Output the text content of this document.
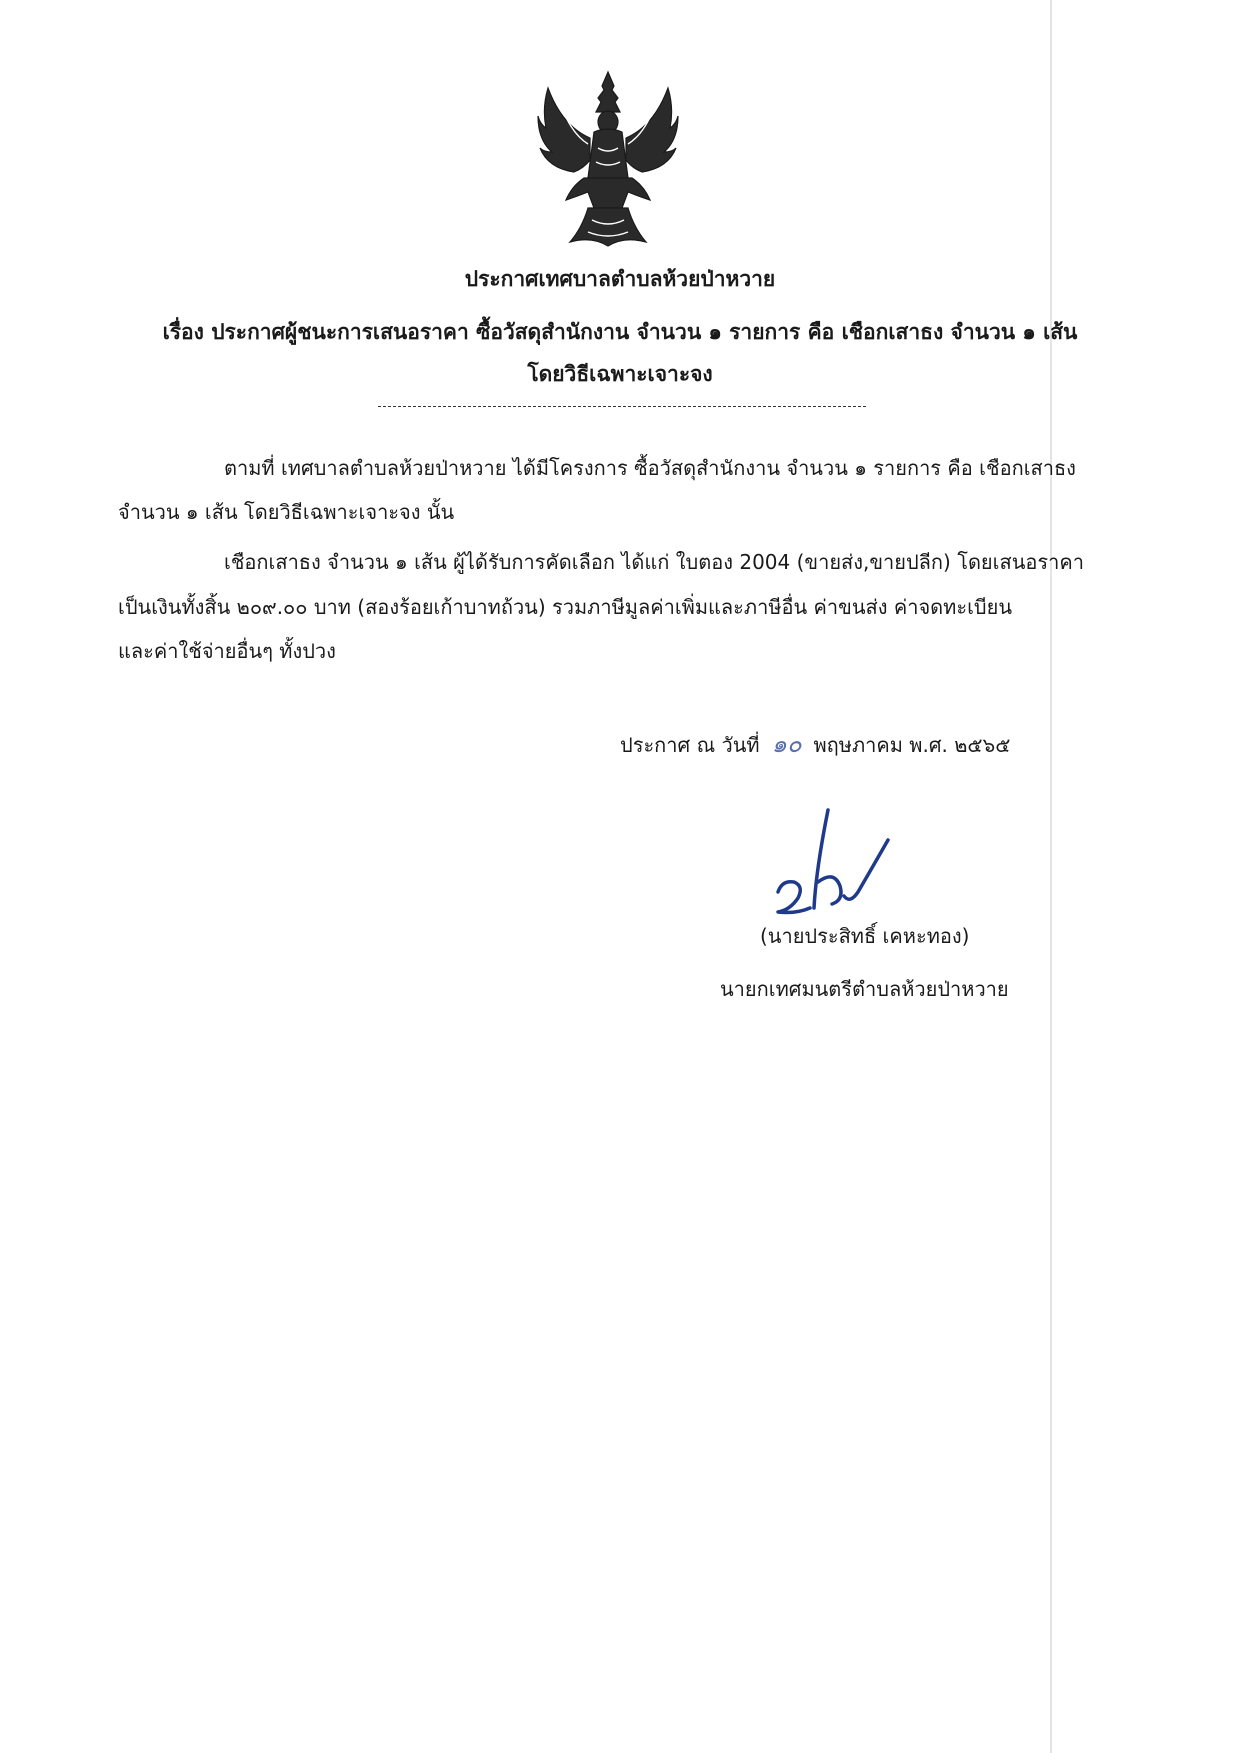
ประกาศเทศบาลตำบลห้วยป่าหวาย
เรื่อง ประกาศผู้ชนะการเสนอราคา ซื้อวัสดุสำนักงาน จำนวน ๑ รายการ คือ เชือกเสาธง จำนวน ๑ เส้น
โดยวิธีเฉพาะเจาะจง
ตามที่ เทศบาลตำบลห้วยป่าหวาย ได้มีโครงการ ซื้อวัสดุสำนักงาน จำนวน ๑ รายการ คือ เชือกเสาธง
จำนวน ๑ เส้น โดยวิธีเฉพาะเจาะจง นั้น
เชือกเสาธง จำนวน ๑ เส้น ผู้ได้รับการคัดเลือก ได้แก่ ใบตอง 2004 (ขายส่ง,ขายปลีก) โดยเสนอราคา
เป็นเงินทั้งสิ้น ๒๐๙.๐๐ บาท (สองร้อยเก้าบาทถ้วน) รวมภาษีมูลค่าเพิ่มและภาษีอื่น ค่าขนส่ง ค่าจดทะเบียน
และค่าใช้จ่ายอื่นๆ ทั้งปวง
ประกาศ ณ วันที่ ๑๐ พฤษภาคม พ.ศ. ๒๕๖๕
(นายประสิทธิ์ เคหะทอง)
นายกเทศมนตรีตำบลห้วยป่าหวาย
